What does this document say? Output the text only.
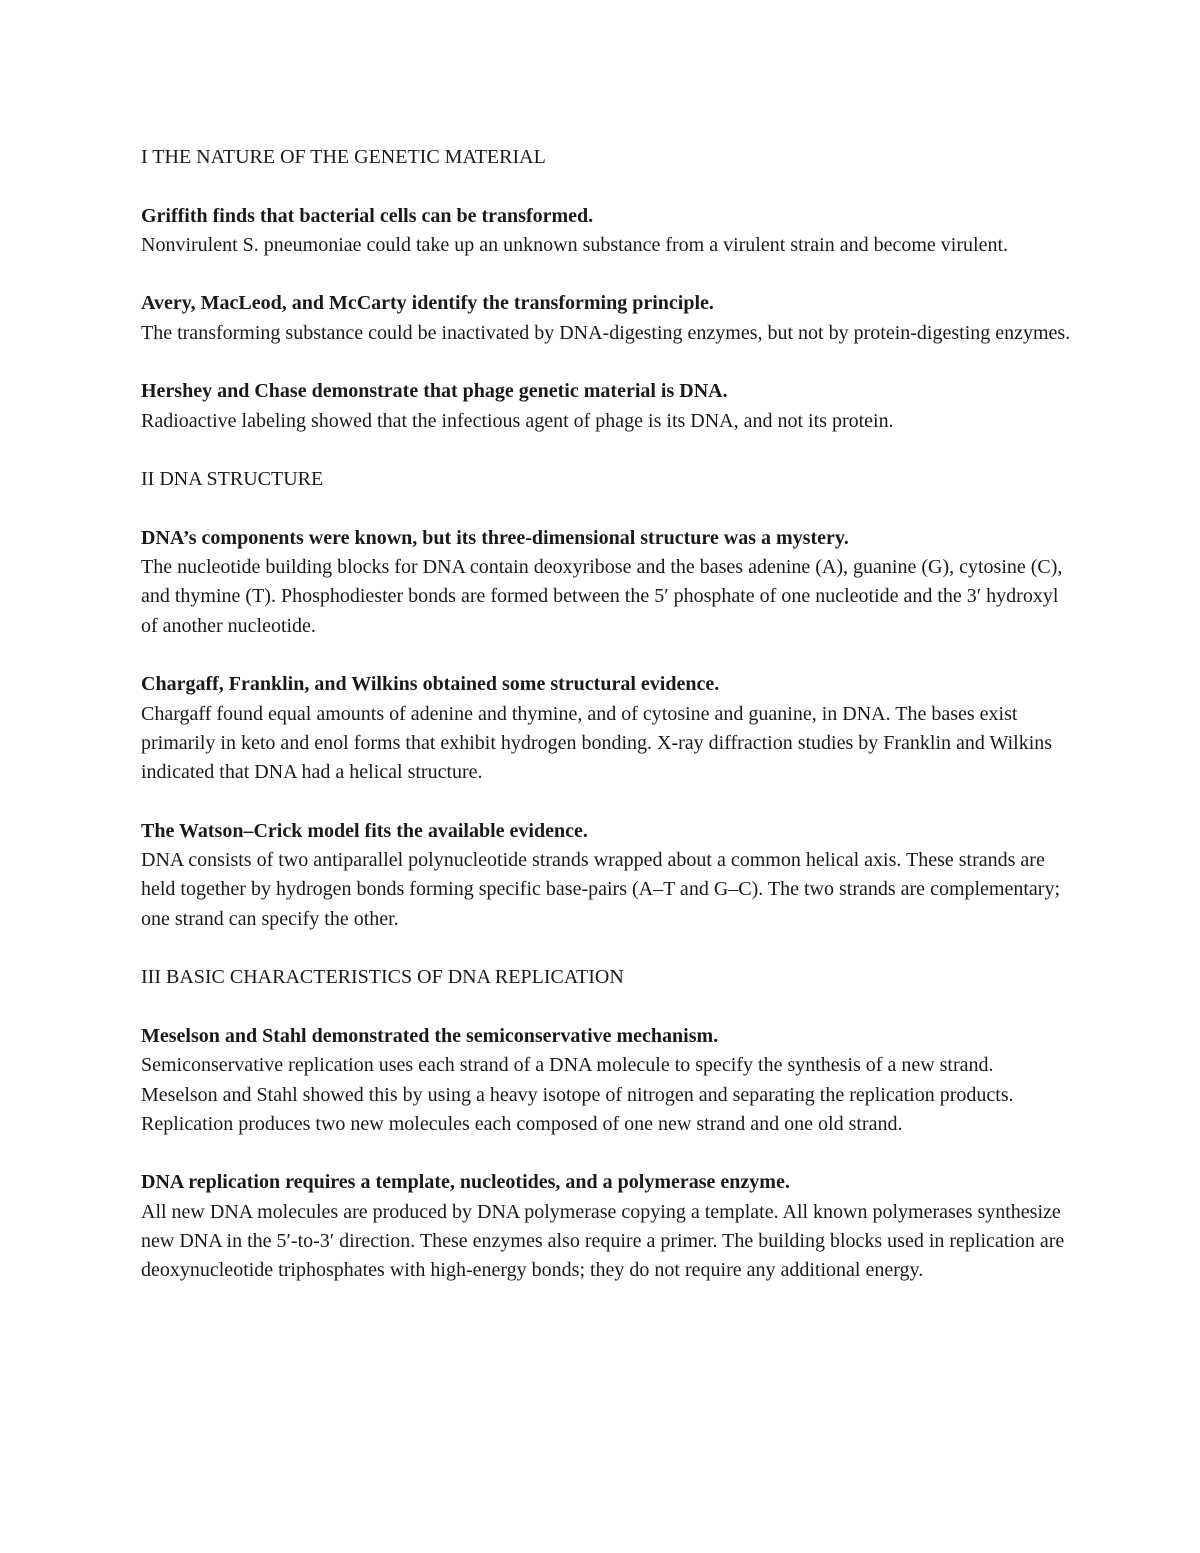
I THE NATURE OF THE GENETIC MATERIAL
Griffith finds that bacterial cells can be transformed.
Nonvirulent S. pneumoniae could take up an unknown substance from a virulent strain and become virulent.
Avery, MacLeod, and McCarty identify the transforming principle.
The transforming substance could be inactivated by DNA-digesting enzymes, but not by protein-digesting enzymes.
Hershey and Chase demonstrate that phage genetic material is DNA.
Radioactive labeling showed that the infectious agent of phage is its DNA, and not its protein.
II DNA STRUCTURE
DNA’s components were known, but its three-dimensional structure was a mystery.
The nucleotide building blocks for DNA contain deoxyribose and the bases adenine (A), guanine (G), cytosine (C), and thymine (T). Phosphodiester bonds are formed between the 5′ phosphate of one nucleotide and the 3′ hydroxyl of another nucleotide.
Chargaff, Franklin, and Wilkins obtained some structural evidence.
Chargaff found equal amounts of adenine and thymine, and of cytosine and guanine, in DNA. The bases exist primarily in keto and enol forms that exhibit hydrogen bonding. X-ray diffraction studies by Franklin and Wilkins indicated that DNA had a helical structure.
The Watson–Crick model fits the available evidence.
DNA consists of two antiparallel polynucleotide strands wrapped about a common helical axis. These strands are held together by hydrogen bonds forming specific base-pairs (A–T and G–C). The two strands are complementary; one strand can specify the other.
III BASIC CHARACTERISTICS OF DNA REPLICATION
Meselson and Stahl demonstrated the semiconservative mechanism.
Semiconservative replication uses each strand of a DNA molecule to specify the synthesis of a new strand. Meselson and Stahl showed this by using a heavy isotope of nitrogen and separating the replication products. Replication produces two new molecules each composed of one new strand and one old strand.
DNA replication requires a template, nucleotides, and a polymerase enzyme.
All new DNA molecules are produced by DNA polymerase copying a template. All known polymerases synthesize new DNA in the 5′-to-3′ direction. These enzymes also require a primer. The building blocks used in replication are deoxynucleotide triphosphates with high-energy bonds; they do not require any additional energy.
